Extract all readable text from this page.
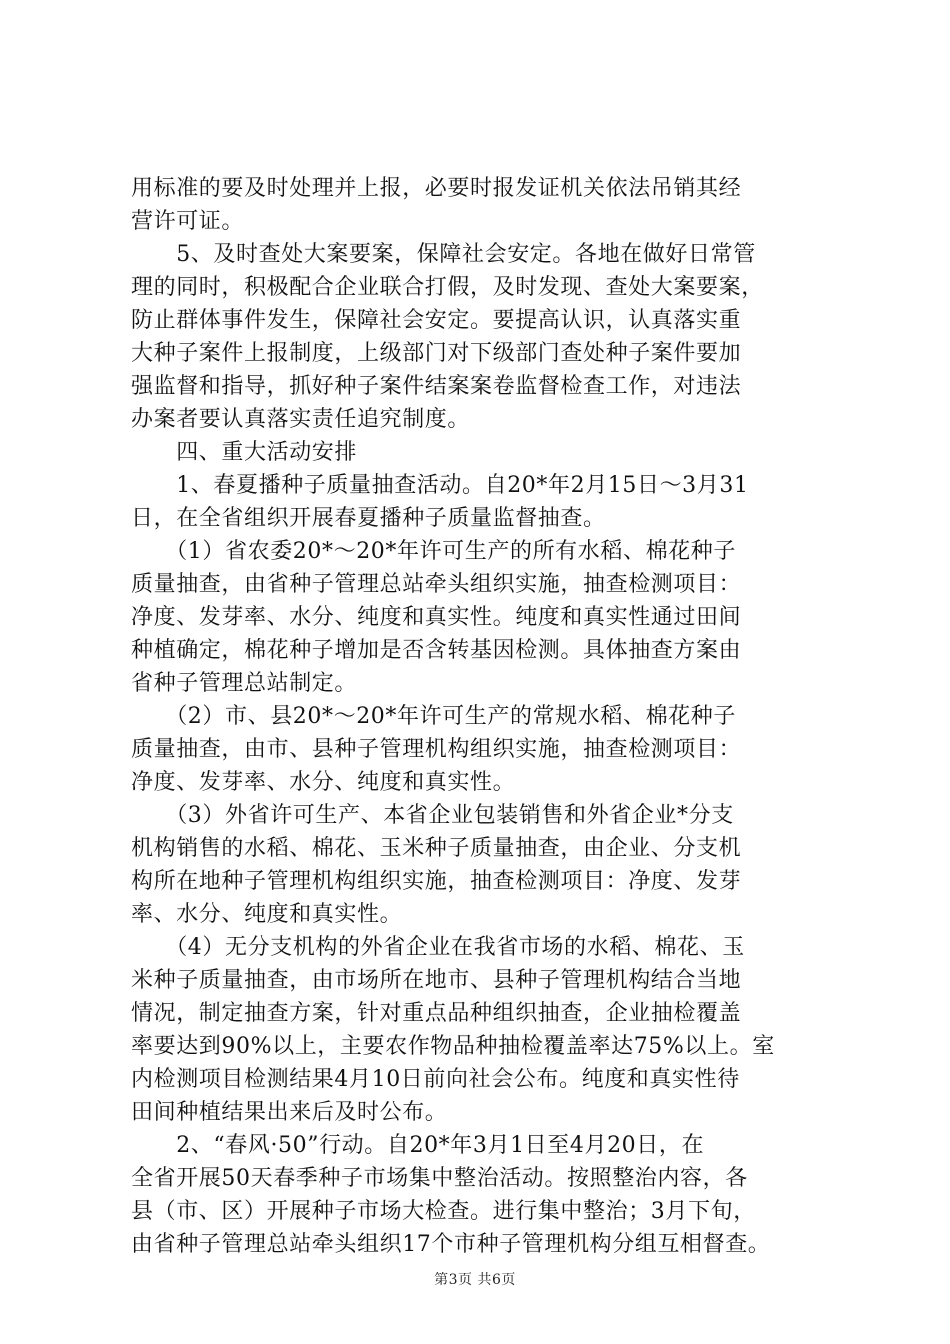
用标准的要及时处理并上报，必要时报发证机关依法吊销其经
营许可证。
　　5、及时查处大案要案，保障社会安定。各地在做好日常管
理的同时，积极配合企业联合打假，及时发现、查处大案要案，
防止群体事件发生，保障社会安定。要提高认识，认真落实重
大种子案件上报制度，上级部门对下级部门查处种子案件要加
强监督和指导，抓好种子案件结案案卷监督检查工作，对违法
办案者要认真落实责任追究制度。
　　四、重大活动安排
　　1、春夏播种子质量抽查活动。自20*年2月15日～3月31
日，在全省组织开展春夏播种子质量监督抽查。
　　（1）省农委20*～20*年许可生产的所有水稻、棉花种子
质量抽查，由省种子管理总站牵头组织实施，抽查检测项目：
净度、发芽率、水分、纯度和真实性。纯度和真实性通过田间
种植确定，棉花种子增加是否含转基因检测。具体抽查方案由
省种子管理总站制定。
　　（2）市、县20*～20*年许可生产的常规水稻、棉花种子
质量抽查，由市、县种子管理机构组织实施，抽查检测项目：
净度、发芽率、水分、纯度和真实性。
　　（3）外省许可生产、本省企业包装销售和外省企业*分支
机构销售的水稻、棉花、玉米种子质量抽查，由企业、分支机
构所在地种子管理机构组织实施，抽查检测项目：净度、发芽
率、水分、纯度和真实性。
　　（4）无分支机构的外省企业在我省市场的水稻、棉花、玉
米种子质量抽查，由市场所在地市、县种子管理机构结合当地
情况，制定抽查方案，针对重点品种组织抽查，企业抽检覆盖
率要达到90%以上，主要农作物品种抽检覆盖率达75%以上。室
内检测项目检测结果4月10日前向社会公布。纯度和真实性待
田间种植结果出来后及时公布。
　　2、“春风·50”行动。自20*年3月1日至4月20日，在
全省开展50天春季种子市场集中整治活动。按照整治内容，各
县（市、区）开展种子市场大检查。进行集中整治；3月下旬，
由省种子管理总站牵头组织17个市种子管理机构分组互相督查。
第3页 共6页
